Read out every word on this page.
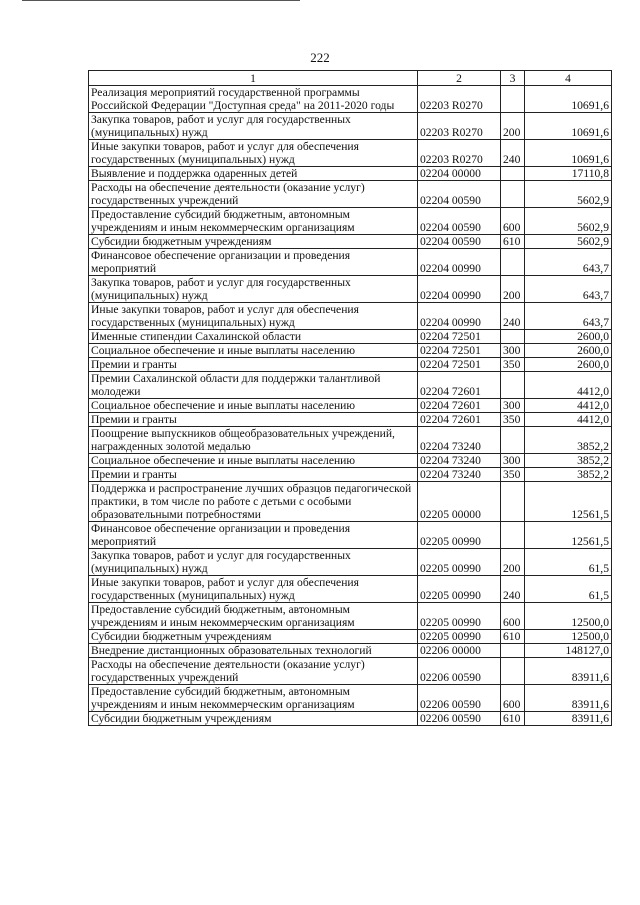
222
1	2	3	4
Реализация мероприятий государственной программы Российской Федерации "Доступная среда" на 2011-2020 годы	02203 R0270		10691,6
Закупка товаров, работ и услуг для государственных (муниципальных) нужд	02203 R0270	200	10691,6
Иные закупки товаров, работ и услуг для обеспечения государственных (муниципальных) нужд	02203 R0270	240	10691,6
Выявление и поддержка одаренных детей	02204 00000		17110,8
Расходы на обеспечение деятельности (оказание услуг) государственных учреждений	02204 00590		5602,9
Предоставление субсидий бюджетным, автономным учреждениям и иным некоммерческим организациям	02204 00590	600	5602,9
Субсидии бюджетным учреждениям	02204 00590	610	5602,9
Финансовое обеспечение организации и проведения мероприятий	02204 00990		643,7
Закупка товаров, работ и услуг для государственных (муниципальных) нужд	02204 00990	200	643,7
Иные закупки товаров, работ и услуг для обеспечения государственных (муниципальных) нужд	02204 00990	240	643,7
Именные стипендии Сахалинской области	02204 72501		2600,0
Социальное обеспечение и иные выплаты населению	02204 72501	300	2600,0
Премии и гранты	02204 72501	350	2600,0
Премии Сахалинской области для поддержки талантливой молодежи	02204 72601		4412,0
Социальное обеспечение и иные выплаты населению	02204 72601	300	4412,0
Премии и гранты	02204 72601	350	4412,0
Поощрение выпускников общеобразовательных учреждений, награжденных золотой медалью	02204 73240		3852,2
Социальное обеспечение и иные выплаты населению	02204 73240	300	3852,2
Премии и гранты	02204 73240	350	3852,2
Поддержка и распространение лучших образцов педагогической практики, в том числе по работе с детьми с особыми образовательными потребностями	02205 00000		12561,5
Финансовое обеспечение организации и проведения мероприятий	02205 00990		12561,5
Закупка товаров, работ и услуг для государственных (муниципальных) нужд	02205 00990	200	61,5
Иные закупки товаров, работ и услуг для обеспечения государственных (муниципальных) нужд	02205 00990	240	61,5
Предоставление субсидий бюджетным, автономным учреждениям и иным некоммерческим организациям	02205 00990	600	12500,0
Субсидии бюджетным учреждениям	02205 00990	610	12500,0
Внедрение дистанционных образовательных технологий	02206 00000		148127,0
Расходы на обеспечение деятельности (оказание услуг) государственных учреждений	02206 00590		83911,6
Предоставление субсидий бюджетным, автономным учреждениям и иным некоммерческим организациям	02206 00590	600	83911,6
Субсидии бюджетным учреждениям	02206 00590	610	83911,6
